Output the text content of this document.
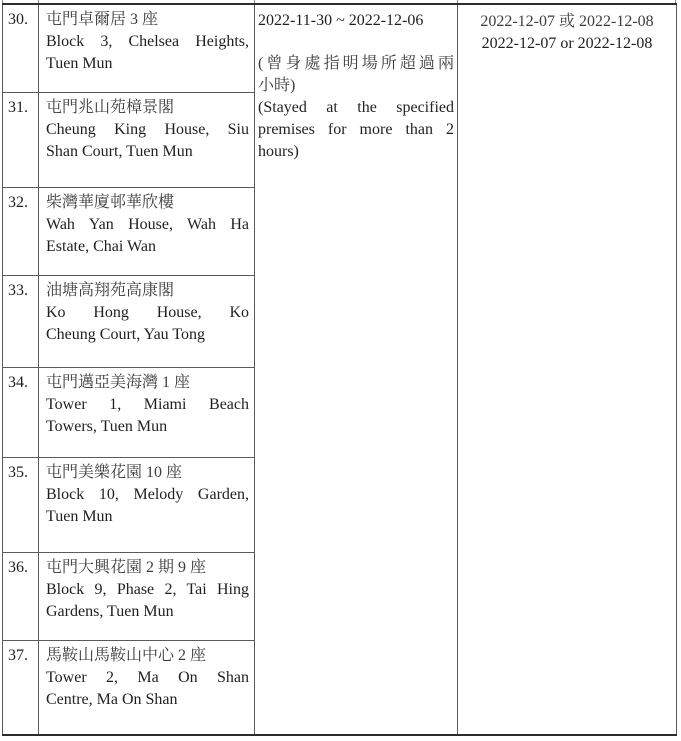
30.	屯門卓爾居 3 座
Block 3, Chelsea Heights,
Tuen Mun

2022-11-30 ~ 2022-12-06
(曾身處指明場所超過兩
小時)
(Stayed at the specified
premises for more than 2
hours)

2022-12-07 或 2022-12-08
2022-12-07 or 2022-12-08

31.	屯門兆山苑樟景閣
Cheung King House, Siu
Shan Court, Tuen Mun		

32.	柴灣華廈邨華欣樓
Wah Yan House, Wah Ha
Estate, Chai Wan		

33.	油塘高翔苑高康閣
Ko Hong House, Ko
Cheung Court, Yau Tong		

34.	屯門邁亞美海灣 1 座
Tower 1, Miami Beach
Towers, Tuen Mun		

35.	屯門美樂花園 10 座
Block 10, Melody Garden,
Tuen Mun		

36.	屯門大興花園 2 期 9 座
Block 9, Phase 2, Tai Hing
Gardens, Tuen Mun		

37.	馬鞍山馬鞍山中心 2 座
Tower 2, Ma On Shan
Centre, Ma On Shan		
